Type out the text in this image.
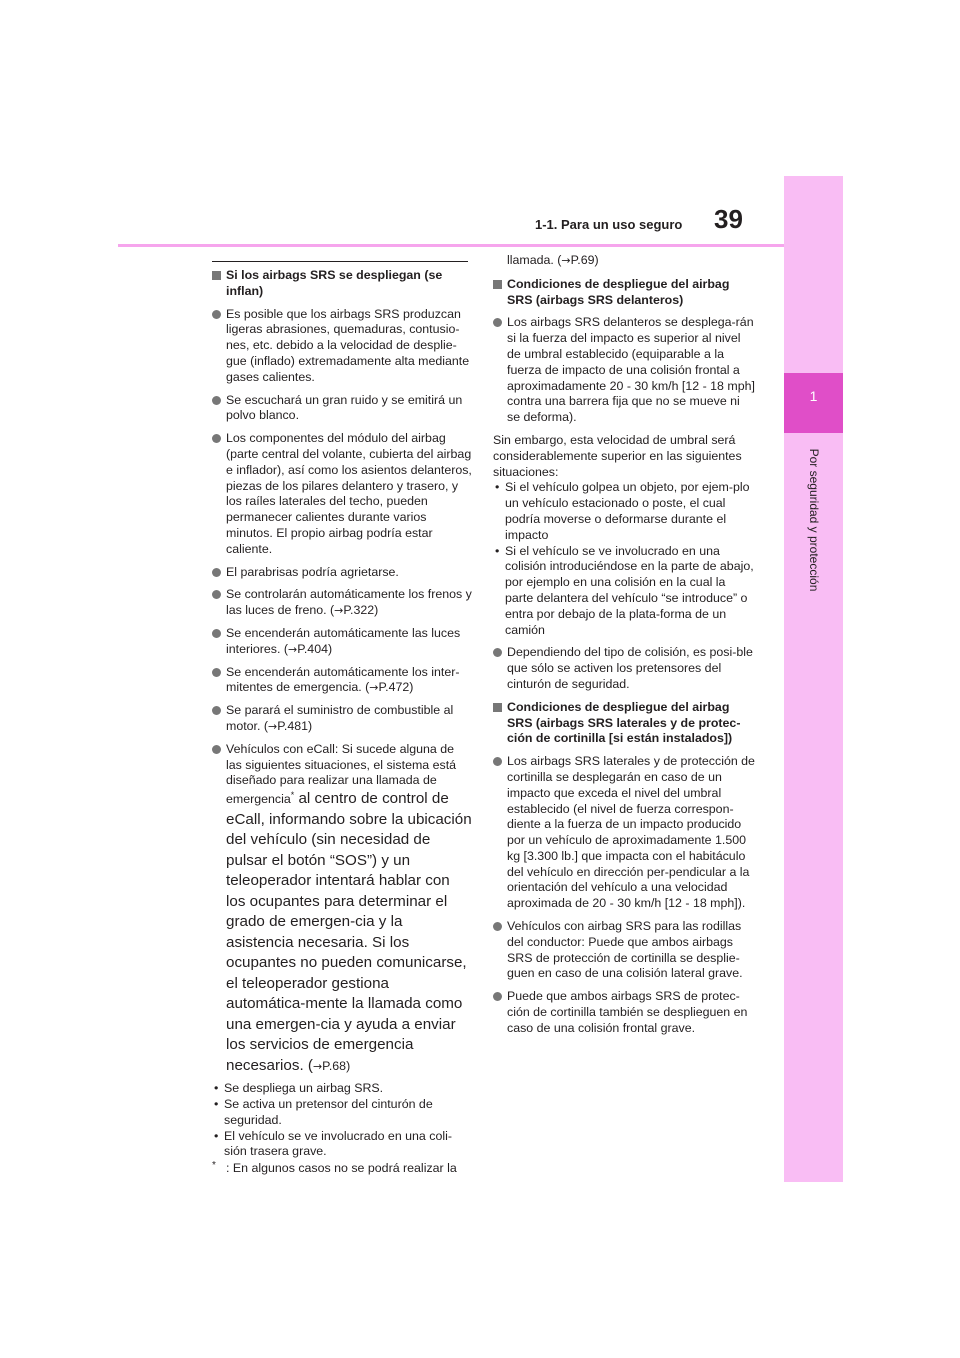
1
Por seguridad y protección
1-1. Para un uso seguro 39
Si los airbags SRS se despliegan (se inflan)
Es posible que los airbags SRS produzcan ligeras abrasiones, quemaduras, contusio-nes, etc. debido a la velocidad de desplie-gue (inflado) extremadamente alta mediante gases calientes.
Se escuchará un gran ruido y se emitirá un polvo blanco.
Los componentes del módulo del airbag (parte central del volante, cubierta del airbag e inflador), así como los asientos delanteros, piezas de los pilares delantero y trasero, y los raíles laterales del techo, pueden permanecer calientes durante varios minutos. El propio airbag podría estar caliente.
El parabrisas podría agrietarse.
Se controlarán automáticamente los frenos y las luces de freno. (→P.322)
Se encenderán automáticamente las luces interiores. (→P.404)
Se encenderán automáticamente los inter-mitentes de emergencia. (→P.472)
Se parará el suministro de combustible al motor. (→P.481)
Vehículos con eCall: Si sucede alguna de las siguientes situaciones, el sistema está diseñado para realizar una llamada de emergencia* al centro de control de eCall, informando sobre la ubicación del vehículo (sin necesidad de pulsar el botón “SOS”) y un teleoperador intentará hablar con los ocupantes para determinar el grado de emergen-cia y la asistencia necesaria. Si los ocupantes no pueden comunicarse, el teleoperador gestiona automática-mente la llamada como una emergen-cia y ayuda a enviar los servicios de emergencia necesarios. (→P.68)
• Se despliega un airbag SRS.
• Se activa un pretensor del cinturón de seguridad.
• El vehículo se ve involucrado en una coli-sión trasera grave.
* : En algunos casos no se podrá realizar la
llamada. (→P.69)
Condiciones de despliegue del airbag SRS (airbags SRS delanteros)
Los airbags SRS delanteros se desplega-rán si la fuerza del impacto es superior al nivel de umbral establecido (equiparable a la fuerza de impacto de una colisión frontal a aproximadamente 20 - 30 km/h [12 - 18 mph] contra una barrera fija que no se mueve ni se deforma).
Sin embargo, esta velocidad de umbral será considerablemente superior en las siguientes situaciones:
• Si el vehículo golpea un objeto, por ejem-plo un vehículo estacionado o poste, el cual podría moverse o deformarse durante el impacto
• Si el vehículo se ve involucrado en una colisión introduciéndose en la parte de abajo, por ejemplo en una colisión en la cual la parte delantera del vehículo “se introduce” o entra por debajo de la plata-forma de un camión
Dependiendo del tipo de colisión, es posi-ble que sólo se activen los pretensores del cinturón de seguridad.
Condiciones de despliegue del airbag SRS (airbags SRS laterales y de protec-ción de cortinilla [si están instalados])
Los airbags SRS laterales y de protección de cortinilla se desplegarán en caso de un impacto que exceda el nivel del umbral establecido (el nivel de fuerza correspon-diente a la fuerza de un impacto producido por un vehículo de aproximadamente 1.500 kg [3.300 lb.] que impacta con el habitáculo del vehículo en dirección per-pendicular a la orientación del vehículo a una velocidad aproximada de 20 - 30 km/h [12 - 18 mph]).
Vehículos con airbag SRS para las rodillas del conductor: Puede que ambos airbags SRS de protección de cortinilla se desplie-guen en caso de una colisión lateral grave.
Puede que ambos airbags SRS de protec-ción de cortinilla también se desplieguen en caso de una colisión frontal grave.
